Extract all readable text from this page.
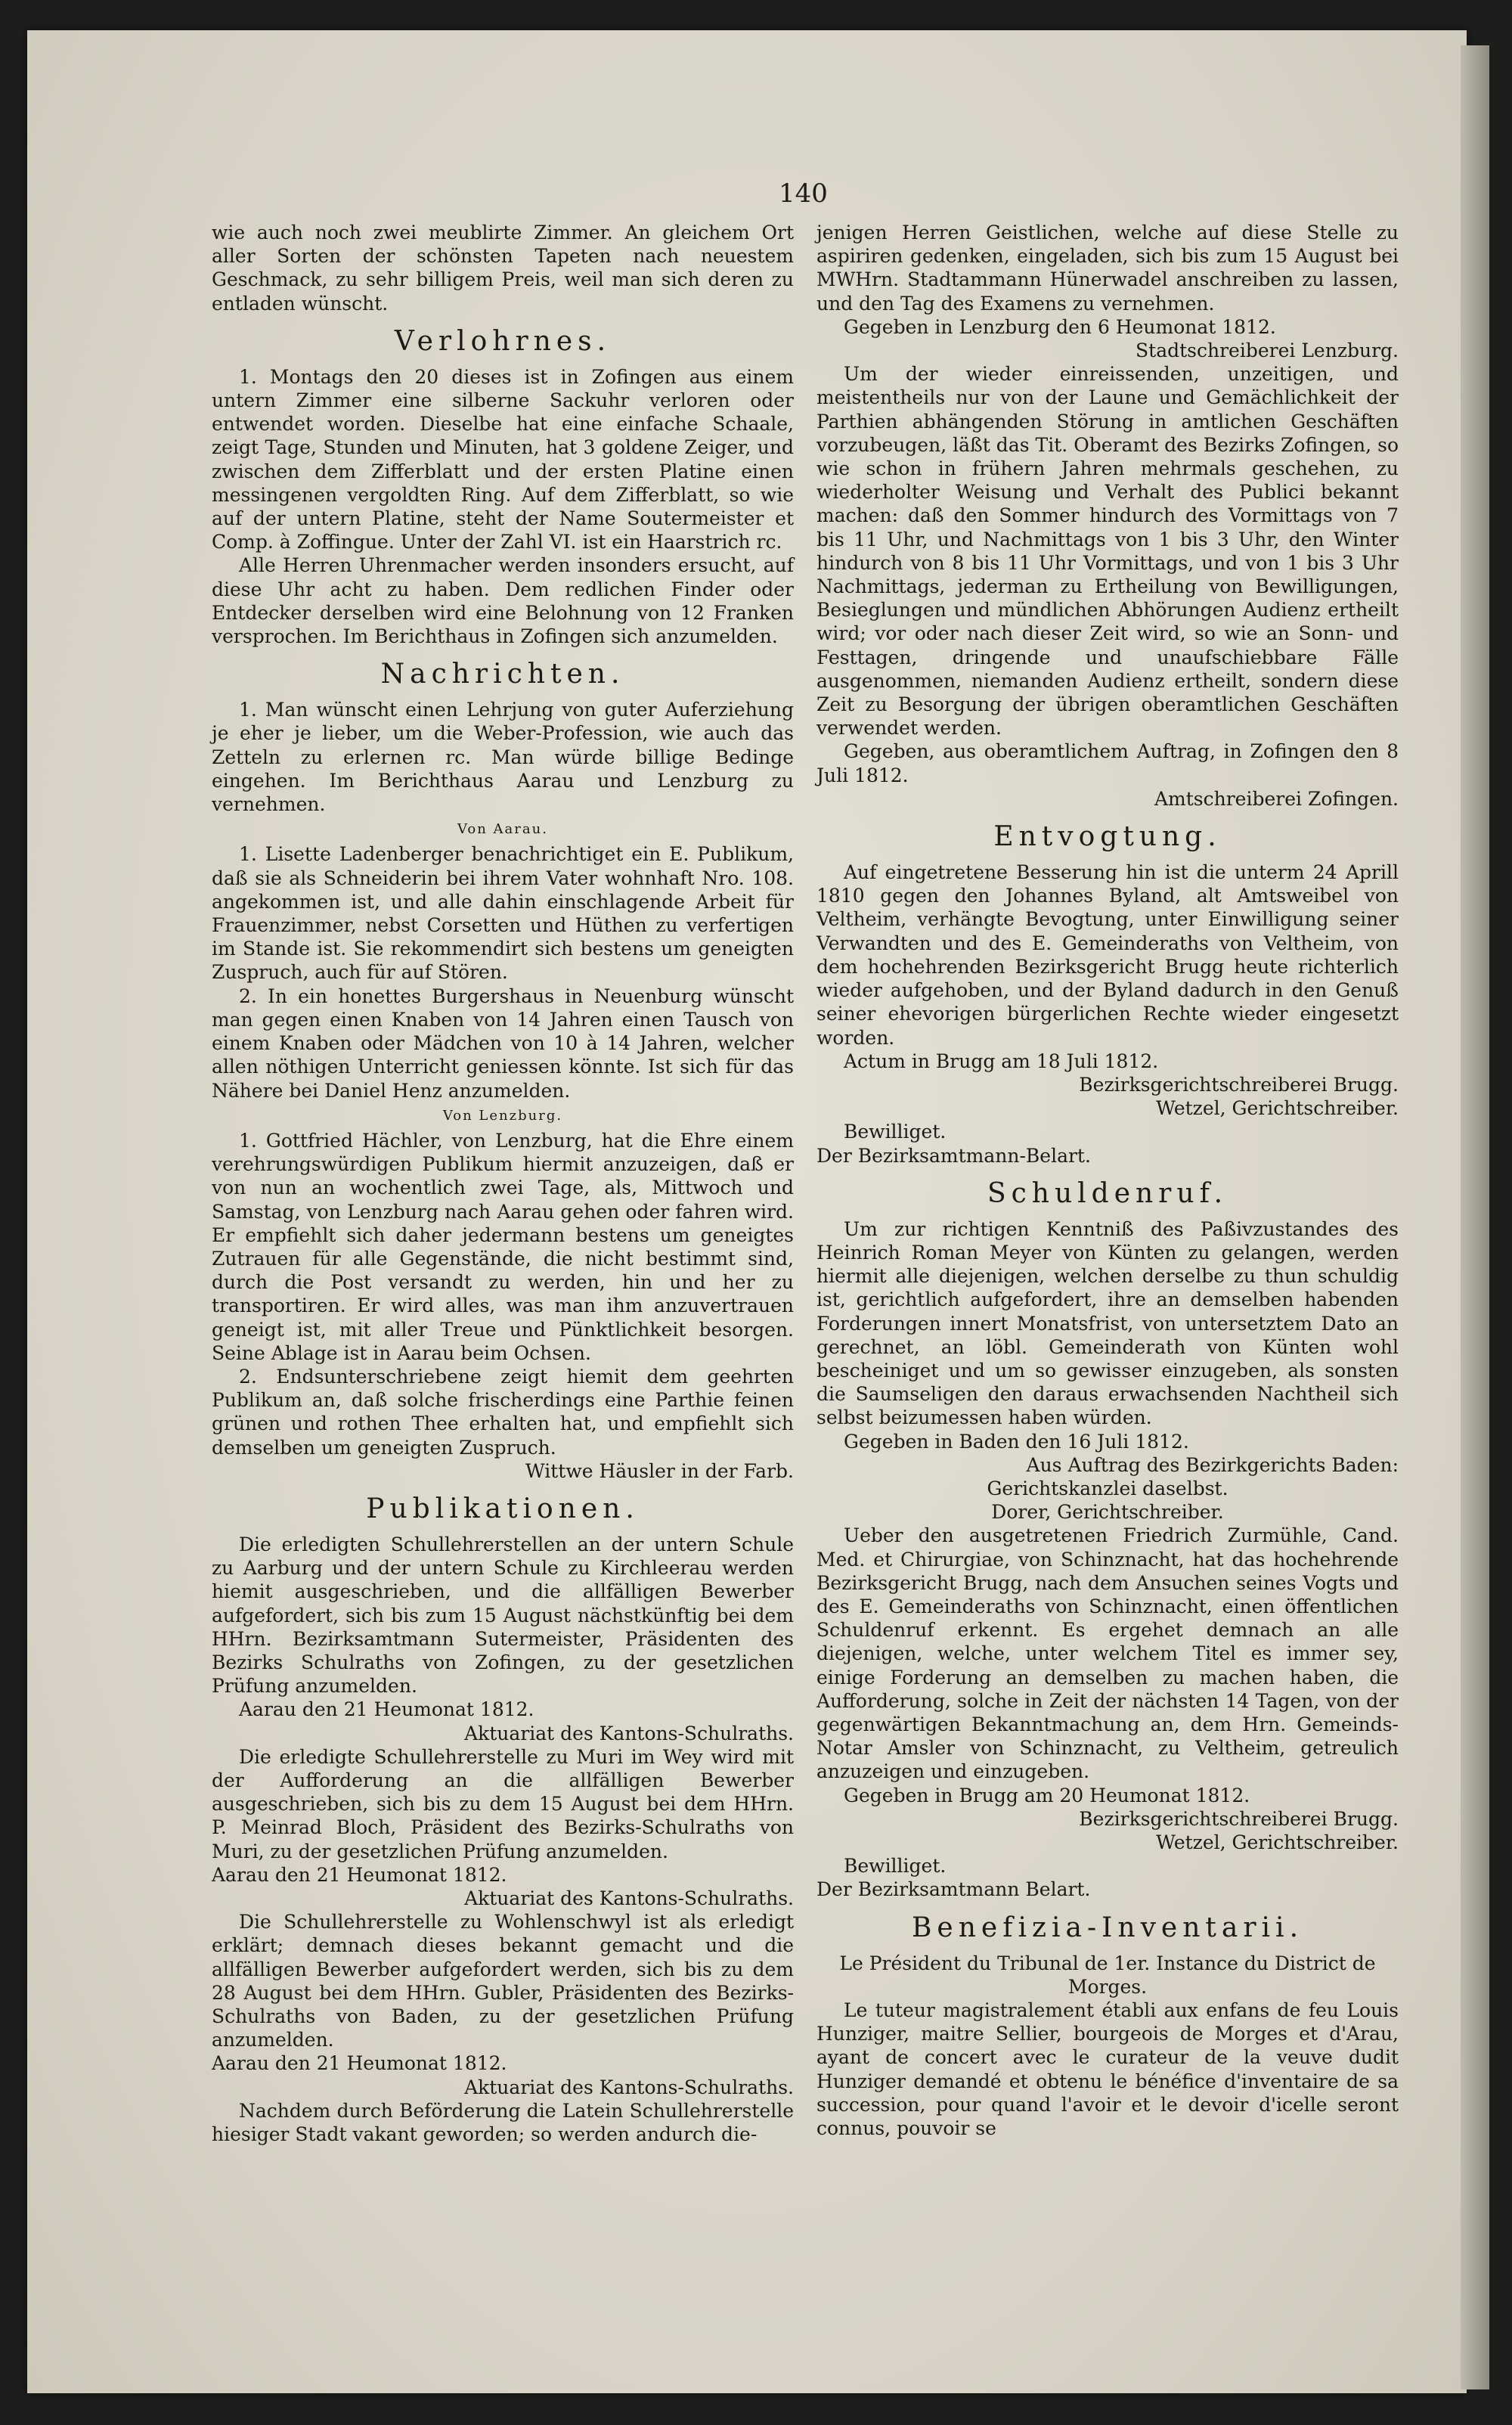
140

wie auch noch zwei meublirte Zimmer. An gleichem Ort aller Sorten der schönsten Tapeten nach neuestem Geschmack, zu sehr billigem Preis, weil man sich deren zu entladen wünscht.

Verlohrnes.

1. Montags den 20 dieses ist in Zofingen aus einem untern Zimmer eine silberne Sackuhr verloren oder entwendet worden. Dieselbe hat eine einfache Schaale, zeigt Tage, Stunden und Minuten, hat 3 goldene Zeiger, und zwischen dem Zifferblatt und der ersten Platine einen messingenen vergoldten Ring. Auf dem Zifferblatt, so wie auf der untern Platine, steht der Name Soutermeister et Comp. à Zoffingue. Unter der Zahl VI. ist ein Haarstrich rc.

Alle Herren Uhrenmacher werden insonders ersucht, auf diese Uhr acht zu haben. Dem redlichen Finder oder Entdecker derselben wird eine Belohnung von 12 Franken versprochen. Im Berichthaus in Zofingen sich anzumelden.

Nachrichten.

1. Man wünscht einen Lehrjung von guter Auferziehung je eher je lieber, um die Weber-Profession, wie auch das Zetteln zu erlernen rc. Man würde billige Bedinge eingehen. Im Berichthaus Aarau und Lenzburg zu vernehmen.

Von Aarau.

1. Lisette Ladenberger benachrichtiget ein E. Publikum, daß sie als Schneiderin bei ihrem Vater wohnhaft Nro. 108. angekommen ist, und alle dahin einschlagende Arbeit für Frauenzimmer, nebst Corsetten und Hüthen zu verfertigen im Stande ist. Sie rekommendirt sich bestens um geneigten Zuspruch, auch für auf Stören.

2. In ein honettes Burgershaus in Neuenburg wünscht man gegen einen Knaben von 14 Jahren einen Tausch von einem Knaben oder Mädchen von 10 à 14 Jahren, welcher allen nöthigen Unterricht geniessen könnte. Ist sich für das Nähere bei Daniel Henz anzumelden.

Von Lenzburg.

1. Gottfried Hächler, von Lenzburg, hat die Ehre einem verehrungswürdigen Publikum hiermit anzuzeigen, daß er von nun an wochentlich zwei Tage, als, Mittwoch und Samstag, von Lenzburg nach Aarau gehen oder fahren wird. Er empfiehlt sich daher jedermann bestens um geneigtes Zutrauen für alle Gegenstände, die nicht bestimmt sind, durch die Post versandt zu werden, hin und her zu transportiren. Er wird alles, was man ihm anzuvertrauen geneigt ist, mit aller Treue und Pünktlichkeit besorgen. Seine Ablage ist in Aarau beim Ochsen.

2. Endsunterschriebene zeigt hiemit dem geehrten Publikum an, daß solche frischerdings eine Parthie feinen grünen und rothen Thee erhalten hat, und empfiehlt sich demselben um geneigten Zuspruch.

Wittwe Häusler in der Farb.

Publikationen.

Die erledigten Schullehrerstellen an der untern Schule zu Aarburg und der untern Schule zu Kirchleerau werden hiemit ausgeschrieben, und die allfälligen Bewerber aufgefordert, sich bis zum 15 August nächstkünftig bei dem HHrn. Bezirksamtmann Sutermeister, Präsidenten des Bezirks Schulraths von Zofingen, zu der gesetzlichen Prüfung anzumelden.

Aarau den 21 Heumonat 1812.

Aktuariat des Kantons-Schulraths.

Die erledigte Schullehrerstelle zu Muri im Wey wird mit der Aufforderung an die allfälligen Bewerber ausgeschrieben, sich bis zu dem 15 August bei dem HHrn. P. Meinrad Bloch, Präsident des Bezirks-Schulraths von Muri, zu der gesetzlichen Prüfung anzumelden.

Aarau den 21 Heumonat 1812.

Aktuariat des Kantons-Schulraths.

Die Schullehrerstelle zu Wohlenschwyl ist als erledigt erklärt; demnach dieses bekannt gemacht und die allfälligen Bewerber aufgefordert werden, sich bis zu dem 28 August bei dem HHrn. Gubler, Präsidenten des Bezirks-Schulraths von Baden, zu der gesetzlichen Prüfung anzumelden.

Aarau den 21 Heumonat 1812.

Aktuariat des Kantons-Schulraths.

Nachdem durch Beförderung die Latein Schullehrerstelle hiesiger Stadt vakant geworden; so werden andurch die-

jenigen Herren Geistlichen, welche auf diese Stelle zu aspiriren gedenken, eingeladen, sich bis zum 15 August bei MWHrn. Stadtammann Hünerwadel anschreiben zu lassen, und den Tag des Examens zu vernehmen.

Gegeben in Lenzburg den 6 Heumonat 1812.

Stadtschreiberei Lenzburg.

Um der wieder einreissenden, unzeitigen, und meistentheils nur von der Laune und Gemächlichkeit der Parthien abhängenden Störung in amtlichen Geschäften vorzubeugen, läßt das Tit. Oberamt des Bezirks Zofingen, so wie schon in frühern Jahren mehrmals geschehen, zu wiederholter Weisung und Verhalt des Publici bekannt machen: daß den Sommer hindurch des Vormittags von 7 bis 11 Uhr, und Nachmittags von 1 bis 3 Uhr, den Winter hindurch von 8 bis 11 Uhr Vormittags, und von 1 bis 3 Uhr Nachmittags, jederman zu Ertheilung von Bewilligungen, Besieglungen und mündlichen Abhörungen Audienz ertheilt wird; vor oder nach dieser Zeit wird, so wie an Sonn- und Festtagen, dringende und unaufschiebbare Fälle ausgenommen, niemanden Audienz ertheilt, sondern diese Zeit zu Besorgung der übrigen oberamtlichen Geschäften verwendet werden.

Gegeben, aus oberamtlichem Auftrag, in Zofingen den 8 Juli 1812.

Amtschreiberei Zofingen.

Entvogtung.

Auf eingetretene Besserung hin ist die unterm 24 Aprill 1810 gegen den Johannes Byland, alt Amtsweibel von Veltheim, verhängte Bevogtung, unter Einwilligung seiner Verwandten und des E. Gemeinderaths von Veltheim, von dem hochehrenden Bezirksgericht Brugg heute richterlich wieder aufgehoben, und der Byland dadurch in den Genuß seiner ehevorigen bürgerlichen Rechte wieder eingesetzt worden.

Actum in Brugg am 18 Juli 1812.

Bezirksgerichtschreiberei Brugg.

Wetzel, Gerichtschreiber.

Bewilliget.

Der Bezirksamtmann-Belart.

Schuldenruf.

Um zur richtigen Kenntniß des Paßivzustandes des Heinrich Roman Meyer von Künten zu gelangen, werden hiermit alle diejenigen, welchen derselbe zu thun schuldig ist, gerichtlich aufgefordert, ihre an demselben habenden Forderungen innert Monatsfrist, von untersetztem Dato an gerechnet, an löbl. Gemeinderath von Künten wohl bescheiniget und um so gewisser einzugeben, als sonsten die Saumseligen den daraus erwachsenden Nachtheil sich selbst beizumessen haben würden.

Gegeben in Baden den 16 Juli 1812.

Aus Auftrag des Bezirkgerichts Baden:

Gerichtskanzlei daselbst.

Dorer, Gerichtschreiber.

Ueber den ausgetretenen Friedrich Zurmühle, Cand. Med. et Chirurgiae, von Schinznacht, hat das hochehrende Bezirksgericht Brugg, nach dem Ansuchen seines Vogts und des E. Gemeinderaths von Schinznacht, einen öffentlichen Schuldenruf erkennt. Es ergehet demnach an alle diejenigen, welche, unter welchem Titel es immer sey, einige Forderung an demselben zu machen haben, die Aufforderung, solche in Zeit der nächsten 14 Tagen, von der gegenwärtigen Bekanntmachung an, dem Hrn. Gemeinds-Notar Amsler von Schinznacht, zu Veltheim, getreulich anzuzeigen und einzugeben.

Gegeben in Brugg am 20 Heumonat 1812.

Bezirksgerichtschreiberei Brugg.

Wetzel, Gerichtschreiber.

Bewilliget.

Der Bezirksamtmann Belart.

Benefizia-Inventarii.

Le Président du Tribunal de 1er. Instance du District de Morges.

Le tuteur magistralement établi aux enfans de feu Louis Hunziger, maitre Sellier, bourgeois de Morges et d'Arau, ayant de concert avec le curateur de la veuve dudit Hunziger demandé et obtenu le bénéfice d'inventaire de sa succession, pour quand l'avoir et le devoir d'icelle seront connus, pouvoir se
